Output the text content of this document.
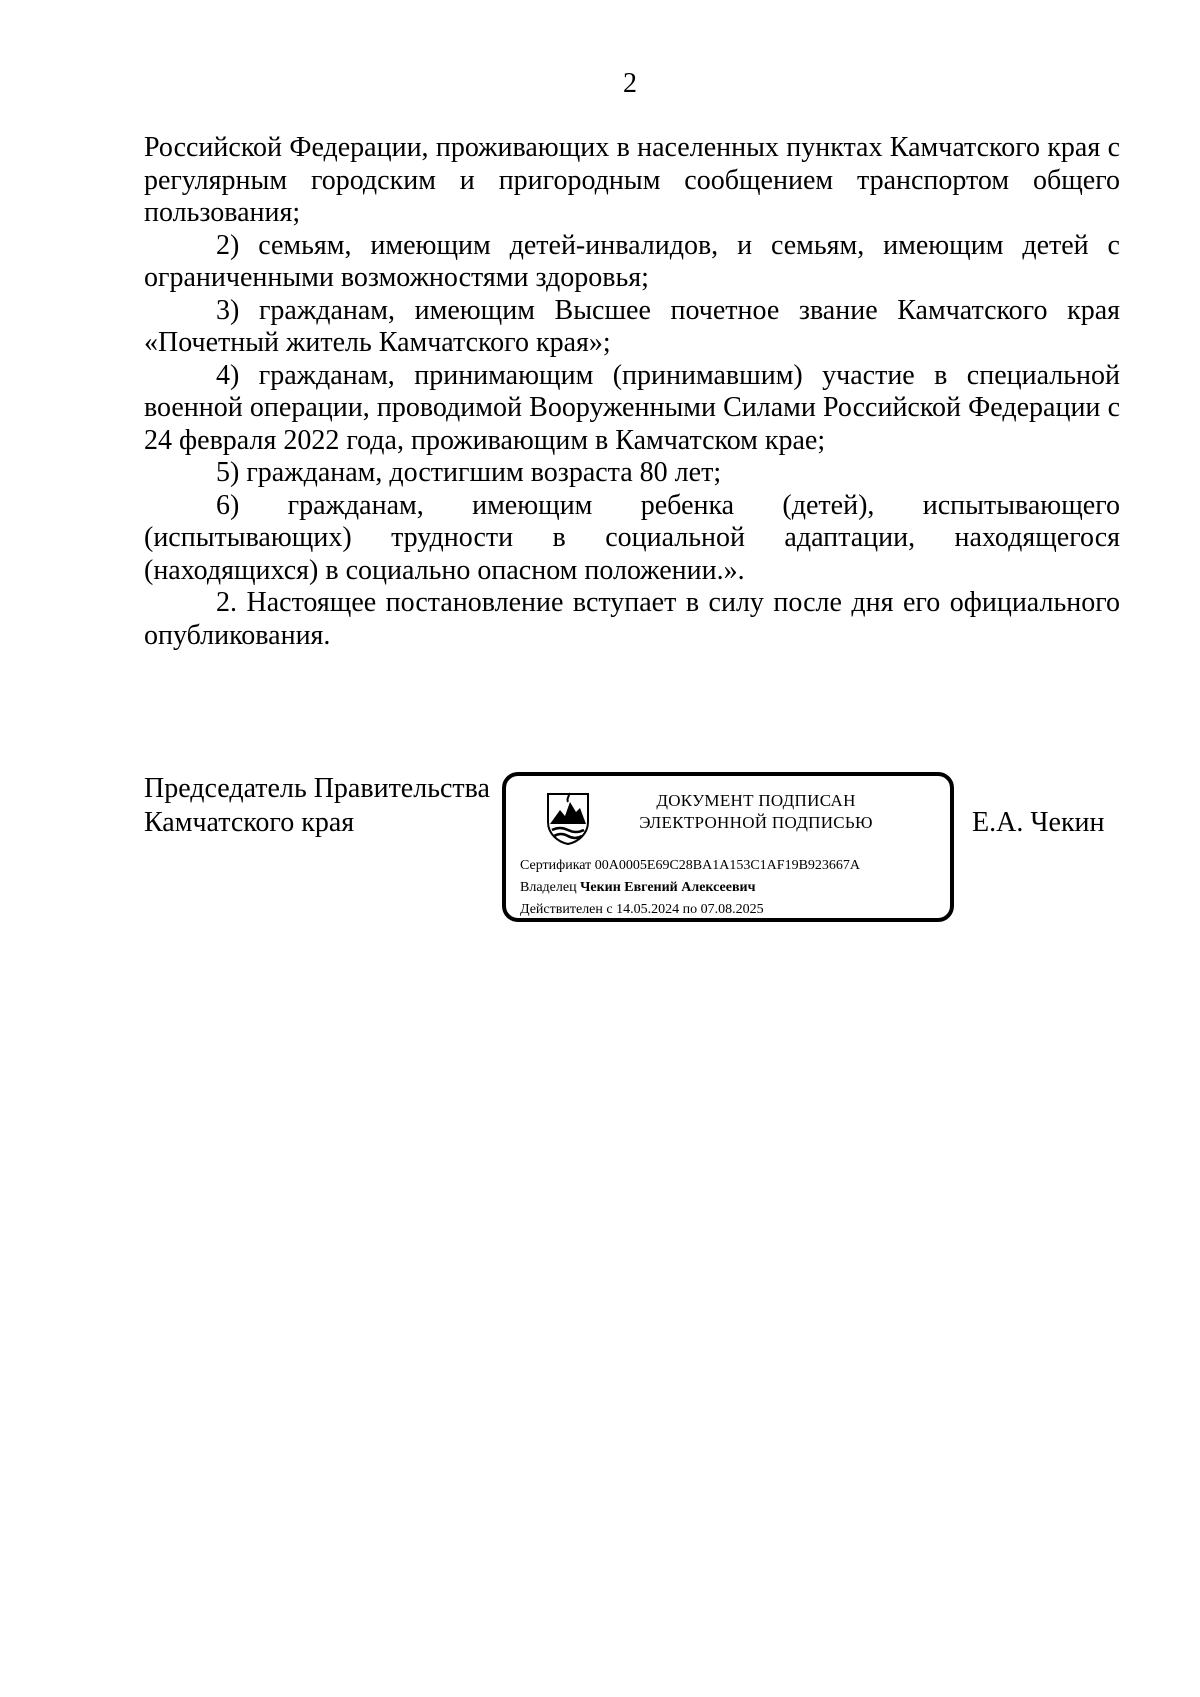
2

Российской Федерации, проживающих в населенных пунктах Камчатского края с регулярным городским и пригородным сообщением транспортом общего пользования;

2) семьям, имеющим детей-инвалидов, и семьям, имеющим детей с ограниченными возможностями здоровья;

3) гражданам, имеющим Высшее почетное звание Камчатского края «Почетный житель Камчатского края»;

4) гражданам, принимающим (принимавшим) участие в специальной военной операции, проводимой Вооруженными Силами Российской Федерации с 24 февраля 2022 года, проживающим в Камчатском крае;

5) гражданам, достигшим возраста 80 лет;

6) гражданам, имеющим ребенка (детей), испытывающего (испытывающих) трудности в социальной адаптации, находящегося (находящихся) в социально опасном положении.».

2. Настоящее постановление вступает в силу после дня его официального опубликования.

Председатель Правительства
Камчатского края
ДОКУМЕНТ ПОДПИСАН
ЭЛЕКТРОННОЙ ПОДПИСЬЮ
Сертификат 00A0005E69C28BA1A153C1AF19B923667A
Владелец Чекин Евгений Алексеевич
Действителен с 14.05.2024 по 07.08.2025
Е.А. Чекин
